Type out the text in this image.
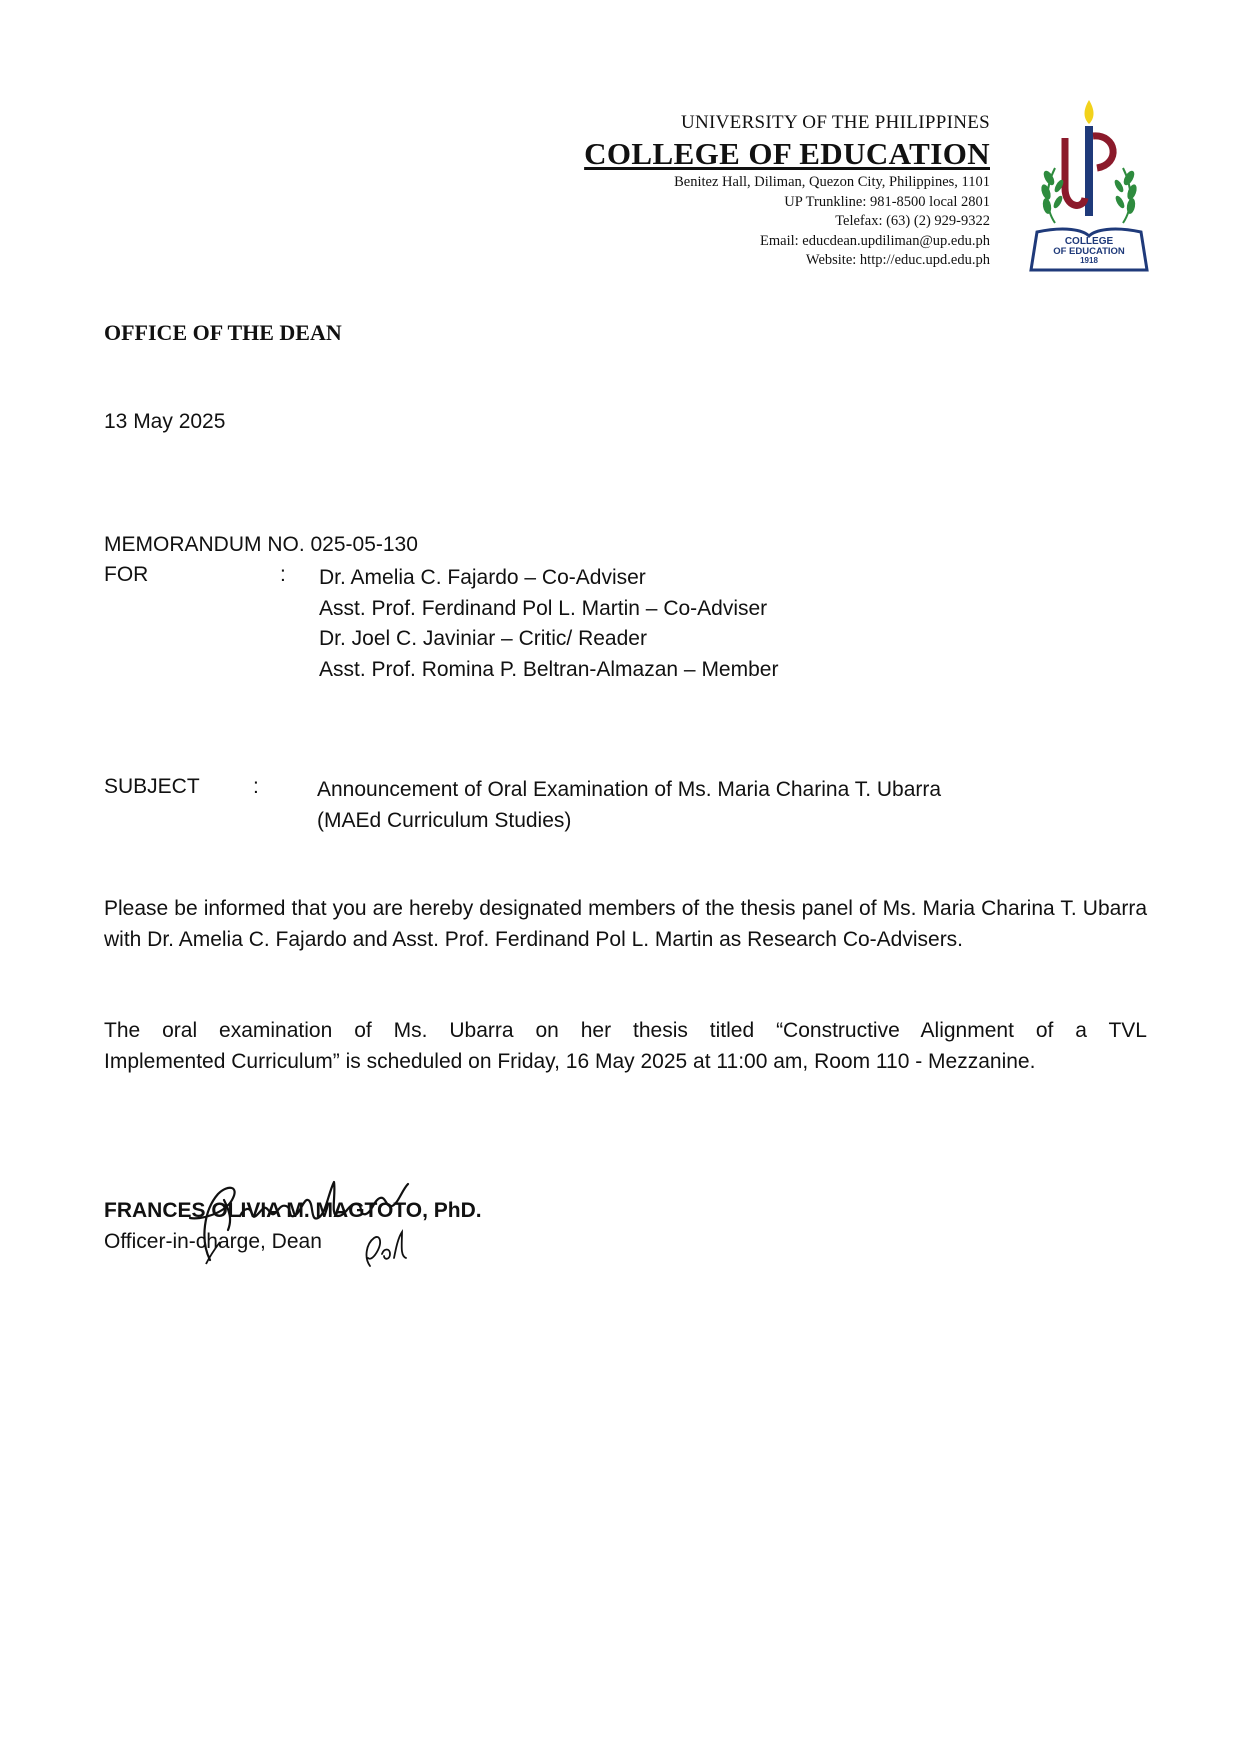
UNIVERSITY OF THE PHILIPPINES
COLLEGE OF EDUCATION
Benitez Hall, Diliman, Quezon City, Philippines, 1101
UP Trunkline: 981-8500 local 2801
Telefax: (63) (2) 929-9322
Email: educdean.updiliman@up.edu.ph
Website: http://educ.upd.edu.ph
COLLEGE
OF EDUCATION
1918
OFFICE OF THE DEAN
13 May 2025
MEMORANDUM NO. 025-05-130
FOR	: Dr. Amelia C. Fajardo – Co-Adviser
Asst. Prof. Ferdinand Pol L. Martin – Co-Adviser
Dr. Joel C. Javiniar – Critic/ Reader
Asst. Prof. Romina P. Beltran-Almazan – Member
SUBJECT	:	Announcement of Oral Examination of Ms. Maria Charina T. Ubarra
(MAEd Curriculum Studies)
Please be informed that you are hereby designated members of the thesis panel of Ms. Maria Charina T. Ubarra with Dr. Amelia C. Fajardo and Asst. Prof. Ferdinand Pol L. Martin as Research Co-Advisers.
The oral examination of Ms. Ubarra on her thesis titled “Constructive Alignment of a TVL
Implemented Curriculum” is scheduled on Friday, 16 May 2025 at 11:00 am, Room 110 - Mezzanine.
FRANCES OLIVIA M. MAGTOTO, PhD.
Officer-in-charge, Dean
